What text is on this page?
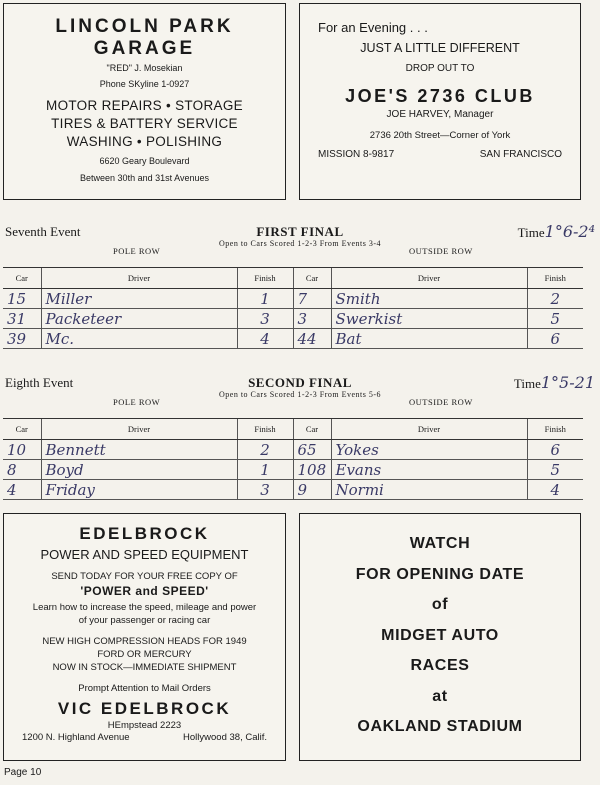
LINCOLN PARK
GARAGE
"RED" J. Mosekian
Phone SKyline 1-0927
MOTOR REPAIRS • STORAGE
TIRES & BATTERY SERVICE
WASHING • POLISHING
6620 Geary Boulevard
Between 30th and 31st Avenues
For an Evening . . .
JUST A LITTLE DIFFERENT
DROP OUT TO
JOE'S 2736 CLUB
JOE HARVEY, Manager
2736 20th Street—Corner of York
MISSION 8-9817	SAN FRANCISCO
FIRST FINAL
Seventh Event
Open to Cars Scored 1-2-3 From Events 3-4
Time1°6-2⁴
POLE ROW	OUTSIDE ROW
Car	Driver	Finish	Car	Driver	Finish
15	Miller	1	7	Smith	2
31	Packeteer	3	3	Swerkist	5
39	Mc.	4	44	Bat	6
SECOND FINAL
Eighth Event
Open to Cars Scored 1-2-3 From Events 5-6
Time1°5-21
POLE ROW	OUTSIDE ROW
Car	Driver	Finish	Car	Driver	Finish
10	Bennett	2	65	Yokes	6
8	Boyd	1	108	Evans	5
4	Friday	3	9	Normi	4
EDELBROCK
POWER AND SPEED EQUIPMENT
SEND TODAY FOR YOUR FREE COPY OF
'POWER and SPEED'
Learn how to increase the speed, mileage and power
of your passenger or racing car
NEW HIGH COMPRESSION HEADS FOR 1949
FORD OR MERCURY
NOW IN STOCK—IMMEDIATE SHIPMENT
Prompt Attention to Mail Orders
VIC EDELBROCK
HEmpstead 2223
1200 N. Highland Avenue	Hollywood 38, Calif.
WATCH
FOR OPENING DATE
of
MIDGET AUTO
RACES
at
OAKLAND STADIUM
Page 10
